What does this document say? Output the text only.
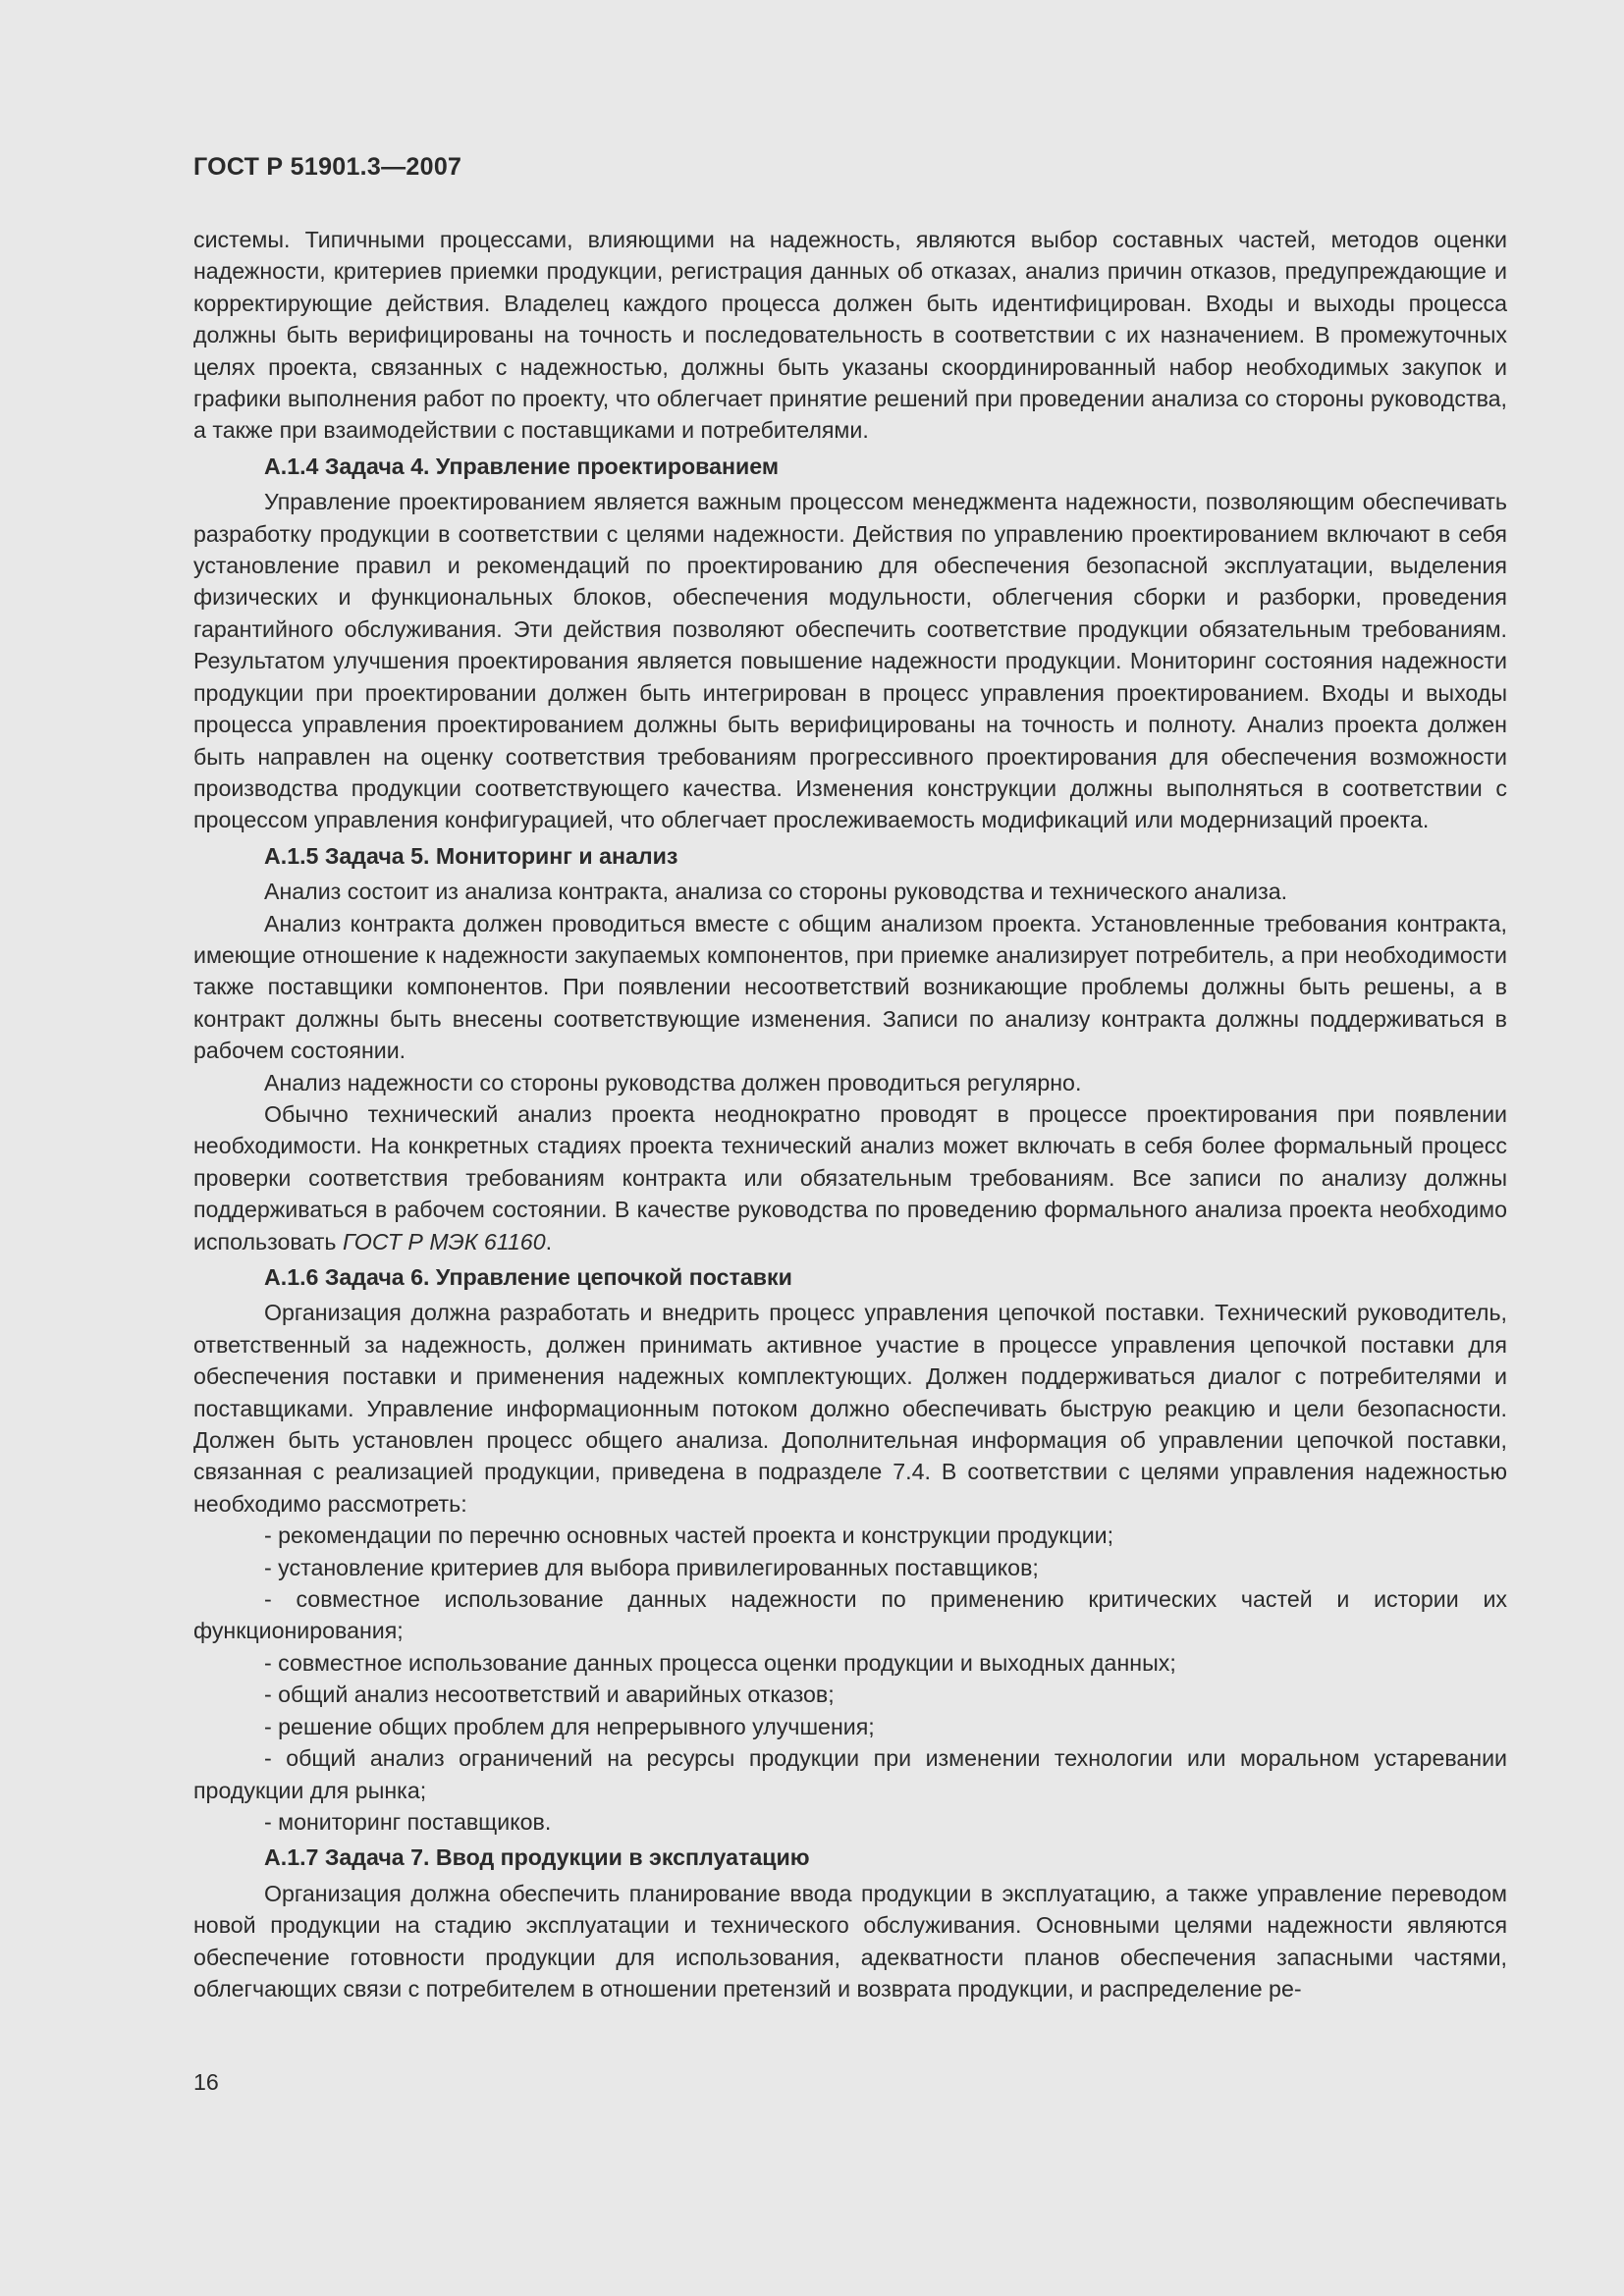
ГОСТ Р 51901.3—2007

системы. Типичными процессами, влияющими на надежность, являются выбор составных частей, методов оценки надежности, критериев приемки продукции, регистрация данных об отказах, анализ причин отказов, предупреждающие и корректирующие действия. Владелец каждого процесса должен быть идентифицирован. Входы и выходы процесса должны быть верифицированы на точность и последовательность в соответствии с их назначением. В промежуточных целях проекта, связанных с надежностью, должны быть указаны скоординированный набор необходимых закупок и графики выполнения работ по проекту, что облегчает принятие решений при проведении анализа со стороны руководства, а также при взаимодействии с поставщиками и потребителями.

А.1.4 Задача 4. Управление проектированием

Управление проектированием является важным процессом менеджмента надежности, позволяющим обеспечивать разработку продукции в соответствии с целями надежности. Действия по управлению проектированием включают в себя установление правил и рекомендаций по проектированию для обеспечения безопасной эксплуатации, выделения физических и функциональных блоков, обеспечения модульности, облегчения сборки и разборки, проведения гарантийного обслуживания. Эти действия позволяют обеспечить соответствие продукции обязательным требованиям. Результатом улучшения проектирования является повышение надежности продукции. Мониторинг состояния надежности продукции при проектировании должен быть интегрирован в процесс управления проектированием. Входы и выходы процесса управления проектированием должны быть верифицированы на точность и полноту. Анализ проекта должен быть направлен на оценку соответствия требованиям прогрессивного проектирования для обеспечения возможности производства продукции соответствующего качества. Изменения конструкции должны выполняться в соответствии с процессом управления конфигурацией, что облегчает прослеживаемость модификаций или модернизаций проекта.

А.1.5 Задача 5. Мониторинг и анализ

Анализ состоит из анализа контракта, анализа со стороны руководства и технического анализа.

Анализ контракта должен проводиться вместе с общим анализом проекта. Установленные требования контракта, имеющие отношение к надежности закупаемых компонентов, при приемке анализирует потребитель, а при необходимости также поставщики компонентов. При появлении несоответствий возникающие проблемы должны быть решены, а в контракт должны быть внесены соответствующие изменения. Записи по анализу контракта должны поддерживаться в рабочем состоянии.

Анализ надежности со стороны руководства должен проводиться регулярно.

Обычно технический анализ проекта неоднократно проводят в процессе проектирования при появлении необходимости. На конкретных стадиях проекта технический анализ может включать в себя более формальный процесс проверки соответствия требованиям контракта или обязательным требованиям. Все записи по анализу должны поддерживаться в рабочем состоянии. В качестве руководства по проведению формального анализа проекта необходимо использовать ГОСТ Р МЭК 61160.

А.1.6 Задача 6. Управление цепочкой поставки

Организация должна разработать и внедрить процесс управления цепочкой поставки. Технический руководитель, ответственный за надежность, должен принимать активное участие в процессе управления цепочкой поставки для обеспечения поставки и применения надежных комплектующих. Должен поддерживаться диалог с потребителями и поставщиками. Управление информационным потоком должно обеспечивать быструю реакцию и цели безопасности. Должен быть установлен процесс общего анализа. Дополнительная информация об управлении цепочкой поставки, связанная с реализацией продукции, приведена в подразделе 7.4. В соответствии с целями управления надежностью необходимо рассмотреть:

- рекомендации по перечню основных частей проекта и конструкции продукции;

- установление критериев для выбора привилегированных поставщиков;

- совместное использование данных надежности по применению критических частей и истории их функционирования;

- совместное использование данных процесса оценки продукции и выходных данных;

- общий анализ несоответствий и аварийных отказов;

- решение общих проблем для непрерывного улучшения;

- общий анализ ограничений на ресурсы продукции при изменении технологии или моральном устаревании продукции для рынка;

- мониторинг поставщиков.

А.1.7 Задача 7. Ввод продукции в эксплуатацию

Организация должна обеспечить планирование ввода продукции в эксплуатацию, а также управление переводом новой продукции на стадию эксплуатации и технического обслуживания. Основными целями надежности являются обеспечение готовности продукции для использования, адекватности планов обеспечения запасными частями, облегчающих связи с потребителем в отношении претензий и возврата продукции, и распределение ре-

16
